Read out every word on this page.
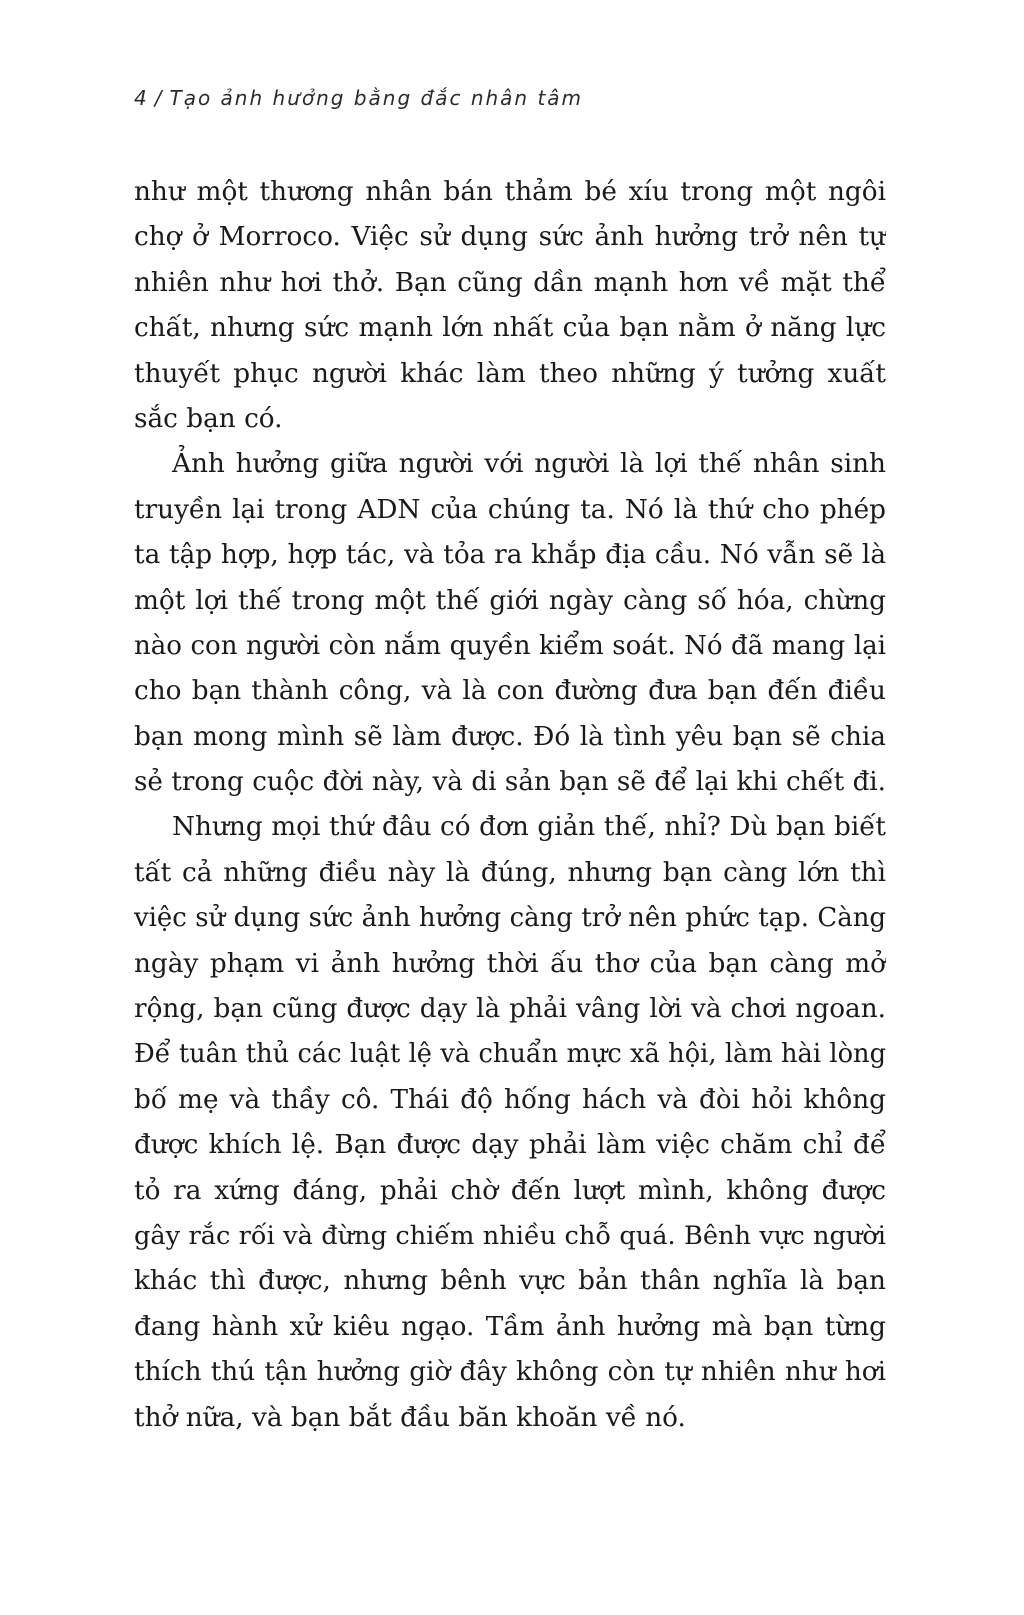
4 / Tạo ảnh hưởng bằng đắc nhân tâm
như một thương nhân bán thảm bé xíu trong một ngôi
chợ ở Morroco. Việc sử dụng sức ảnh hưởng trở nên tự
nhiên như hơi thở. Bạn cũng dần mạnh hơn về mặt thể
chất, nhưng sức mạnh lớn nhất của bạn nằm ở năng lực
thuyết phục người khác làm theo những ý tưởng xuất
sắc bạn có.
Ảnh hưởng giữa người với người là lợi thế nhân sinh
truyền lại trong ADN của chúng ta. Nó là thứ cho phép
ta tập hợp, hợp tác, và tỏa ra khắp địa cầu. Nó vẫn sẽ là
một lợi thế trong một thế giới ngày càng số hóa, chừng
nào con người còn nắm quyền kiểm soát. Nó đã mang lại
cho bạn thành công, và là con đường đưa bạn đến điều
bạn mong mình sẽ làm được. Đó là tình yêu bạn sẽ chia
sẻ trong cuộc đời này, và di sản bạn sẽ để lại khi chết đi.
Nhưng mọi thứ đâu có đơn giản thế, nhỉ? Dù bạn biết
tất cả những điều này là đúng, nhưng bạn càng lớn thì
việc sử dụng sức ảnh hưởng càng trở nên phức tạp. Càng
ngày phạm vi ảnh hưởng thời ấu thơ của bạn càng mở
rộng, bạn cũng được dạy là phải vâng lời và chơi ngoan.
Để tuân thủ các luật lệ và chuẩn mực xã hội, làm hài lòng
bố mẹ và thầy cô. Thái độ hống hách và đòi hỏi không
được khích lệ. Bạn được dạy phải làm việc chăm chỉ để
tỏ ra xứng đáng, phải chờ đến lượt mình, không được
gây rắc rối và đừng chiếm nhiều chỗ quá. Bênh vực người
khác thì được, nhưng bênh vực bản thân nghĩa là bạn
đang hành xử kiêu ngạo. Tầm ảnh hưởng mà bạn từng
thích thú tận hưởng giờ đây không còn tự nhiên như hơi
thở nữa, và bạn bắt đầu băn khoăn về nó.
